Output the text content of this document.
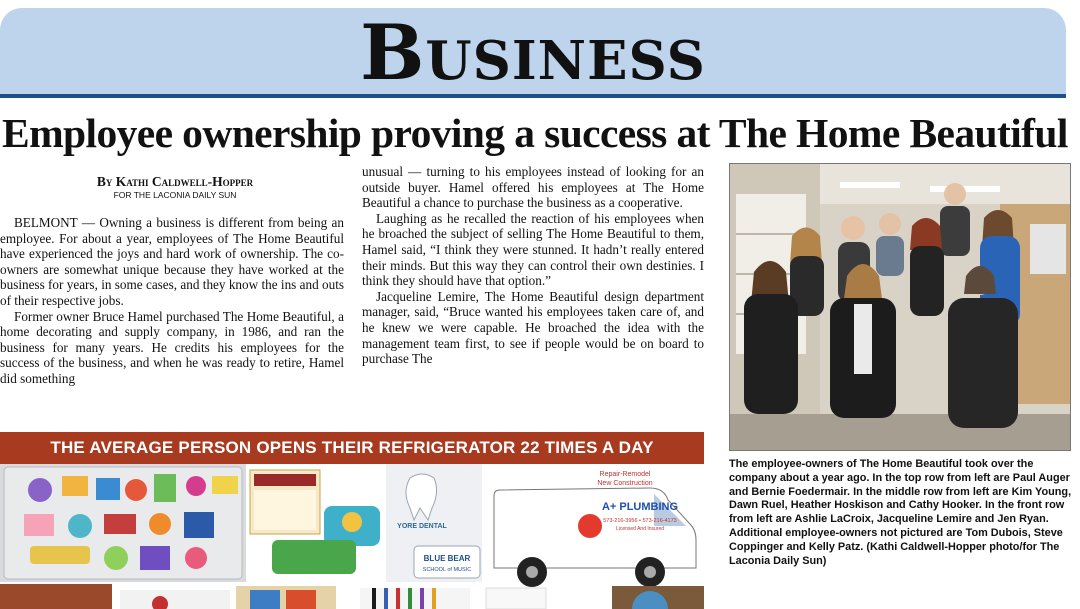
Business
Employee ownership proving a success at The Home Beautiful
By Kathi Caldwell-Hopper
FOR THE LACONIA DAILY SUN

BELMONT — Owning a business is different from being an employee. For about a year, employees of The Home Beautiful have experienced the joys and hard work of ownership. The co-owners are somewhat unique because they have worked at the business for years, in some cases, and they know the ins and outs of their respective jobs.

Former owner Bruce Hamel purchased The Home Beautiful, a home decorating and supply company, in 1986, and ran the business for many years. He credits his employees for the success of the business, and when he was ready to retire, Hamel did something

unusual — turning to his employees instead of looking for an outside buyer. Hamel offered his employees at The Home Beautiful a chance to purchase the business as a cooperative.

Laughing as he recalled the reaction of his employees when he broached the subject of selling The Home Beautiful to them, Hamel said, “I think they were stunned. It hadn’t really entered their minds. But this way they can control their own destinies. I think they should have that option.”

Jacqueline Lemire, The Home Beautiful design department manager, said, “Bruce wanted his employees taken care of, and he knew we were capable. He broached the idea with the management team first, to see if people would be on board to purchase The

The employee-owners of The Home Beautiful took over the company about a year ago. In the top row from left are Paul Auger and Bernie Foedermair. In the middle row from left are Kim Young, Dawn Ruel, Heather Hoskison and Cathy Hooker. In the front row from left are Ashlie LaCroix, Jacqueline Lemire and Jen Ryan. Additional employee-owners not pictured are Tom Dubois, Steve Coppinger and Kelly Patz. (Kathi Caldwell-Hopper photo/for The Laconia Daily Sun)
THE AVERAGE PERSON OPENS THEIR REFRIGERATOR 22 TIMES A DAY
YORE DENTAL
BLUE BEAR
SCHOOL of MUSIC
Repair-Remodel
New Construction
A+ PLUMBING
573-216-3956 • 573-216-4173
Licensed And Insured
